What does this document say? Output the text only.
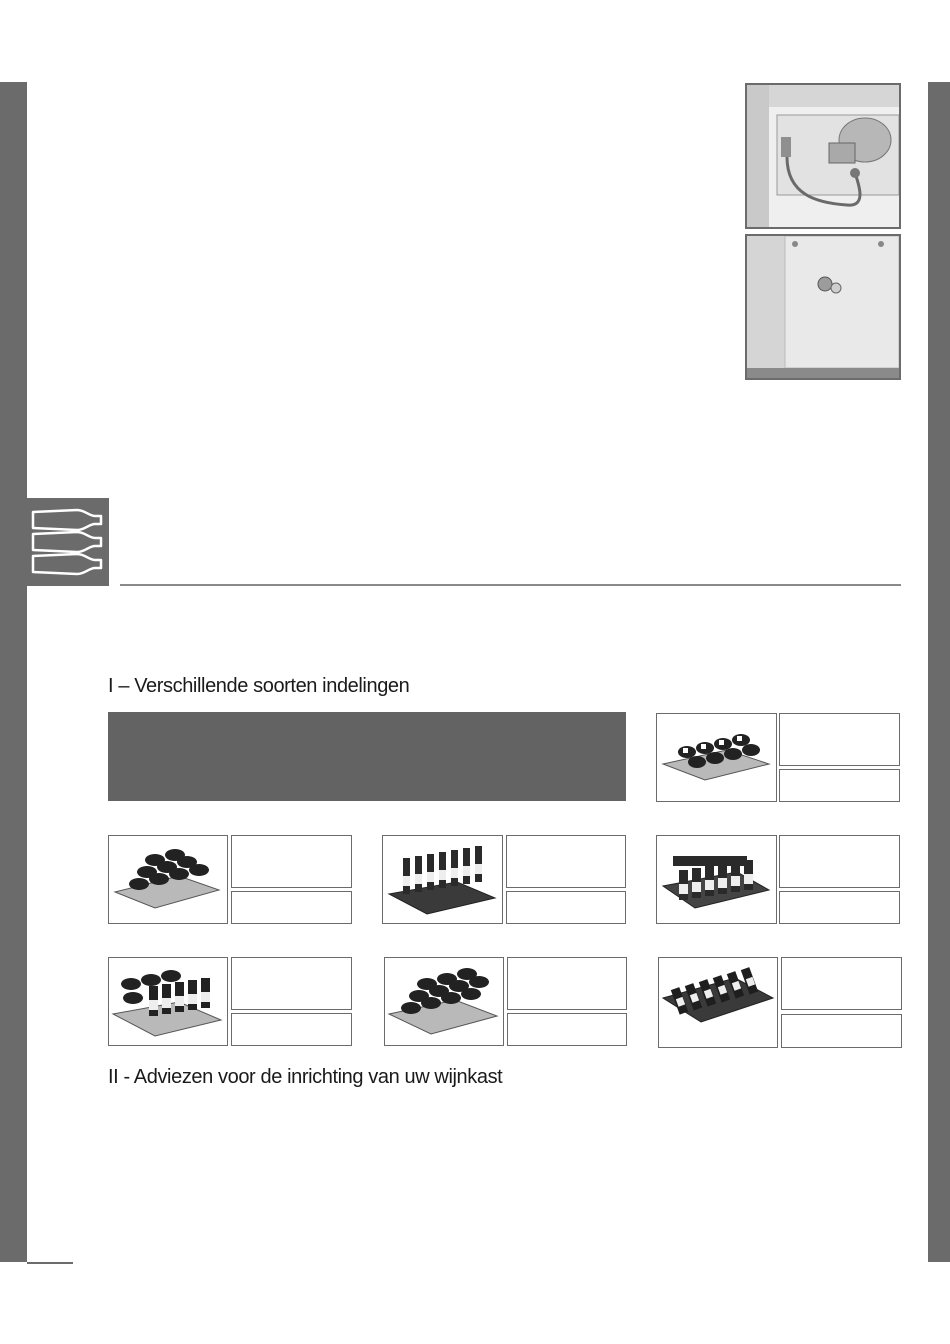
I – Verschillende soorten indelingen
II - Adviezen voor de inrichting van uw wijnkast
